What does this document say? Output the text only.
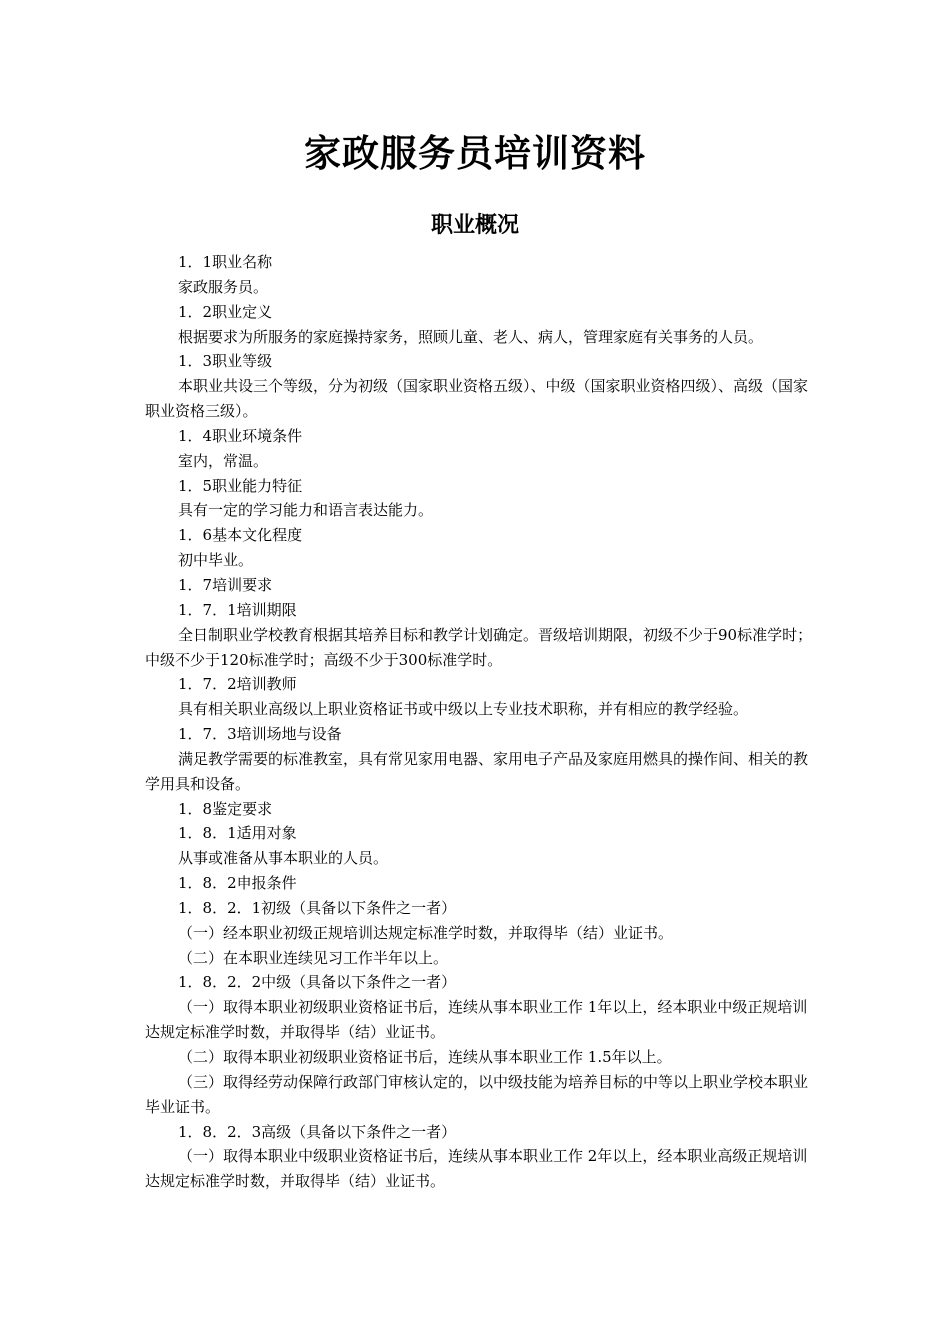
家政服务员培训资料
职业概况

1．1职业名称

家政服务员。

1．2职业定义

根据要求为所服务的家庭操持家务，照顾儿童、老人、病人，管理家庭有关事务的人员。

1．3职业等级

本职业共设三个等级，分为初级（国家职业资格五级）、中级（国家职业资格四级）、高级（国家职业资格三级）。

1．4职业环境条件

室内，常温。

1．5职业能力特征

具有一定的学习能力和语言表达能力。

1．6基本文化程度

初中毕业。

1．7培训要求

1．7．1培训期限

全日制职业学校教育根据其培养目标和教学计划确定。晋级培训期限，初级不少于90标准学时；中级不少于120标准学时；高级不少于300标准学时。

1．7．2培训教师

具有相关职业高级以上职业资格证书或中级以上专业技术职称，并有相应的教学经验。

1．7．3培训场地与设备

满足教学需要的标准教室，具有常见家用电器、家用电子产品及家庭用燃具的操作间、相关的教学用具和设备。

1．8鉴定要求

1．8．1适用对象

从事或准备从事本职业的人员。

1．8．2申报条件

1．8．2．1初级（具备以下条件之一者）

（一）经本职业初级正规培训达规定标准学时数，并取得毕（结）业证书。

（二）在本职业连续见习工作半年以上。

1．8．2．2中级（具备以下条件之一者）

（一）取得本职业初级职业资格证书后，连续从事本职业工作 1年以上，经本职业中级正规培训达规定标准学时数，并取得毕（结）业证书。

（二）取得本职业初级职业资格证书后，连续从事本职业工作 1.5年以上。

（三）取得经劳动保障行政部门审核认定的，以中级技能为培养目标的中等以上职业学校本职业毕业证书。

1．8．2．3高级（具备以下条件之一者）

（一）取得本职业中级职业资格证书后，连续从事本职业工作 2年以上，经本职业高级正规培训达规定标准学时数，并取得毕（结）业证书。
